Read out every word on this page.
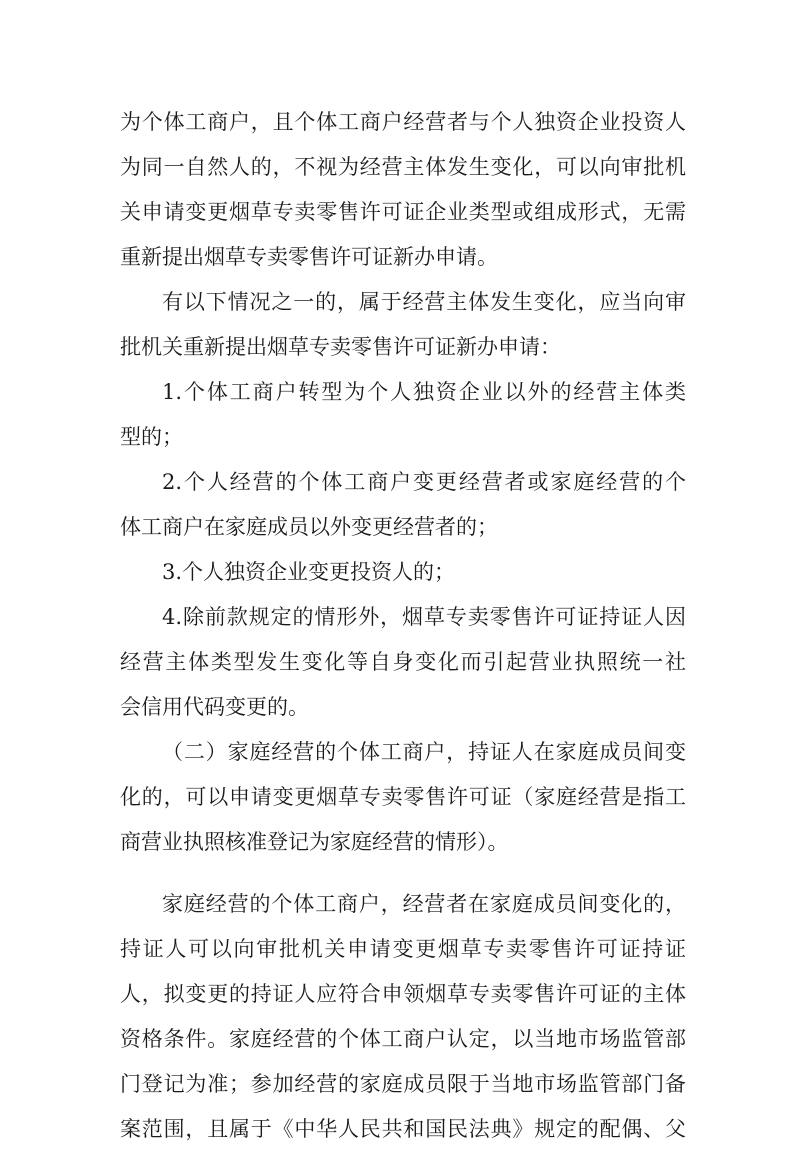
为个体工商户，且个体工商户经营者与个人独资企业投资人
为同一自然人的，不视为经营主体发生变化，可以向审批机
关申请变更烟草专卖零售许可证企业类型或组成形式，无需
重新提出烟草专卖零售许可证新办申请。
有以下情况之一的，属于经营主体发生变化，应当向审
批机关重新提出烟草专卖零售许可证新办申请：
1.个体工商户转型为个人独资企业以外的经营主体类
型的；
2.个人经营的个体工商户变更经营者或家庭经营的个
体工商户在家庭成员以外变更经营者的；
3.个人独资企业变更投资人的；
4.除前款规定的情形外，烟草专卖零售许可证持证人因
经营主体类型发生变化等自身变化而引起营业执照统一社
会信用代码变更的。
（二）家庭经营的个体工商户，持证人在家庭成员间变
化的，可以申请变更烟草专卖零售许可证（家庭经营是指工
商营业执照核准登记为家庭经营的情形）。
家庭经营的个体工商户，经营者在家庭成员间变化的，
持证人可以向审批机关申请变更烟草专卖零售许可证持证
人，拟变更的持证人应符合申领烟草专卖零售许可证的主体
资格条件。家庭经营的个体工商户认定，以当地市场监管部
门登记为准；参加经营的家庭成员限于当地市场监管部门备
案范围，且属于《中华人民共和国民法典》规定的配偶、父
